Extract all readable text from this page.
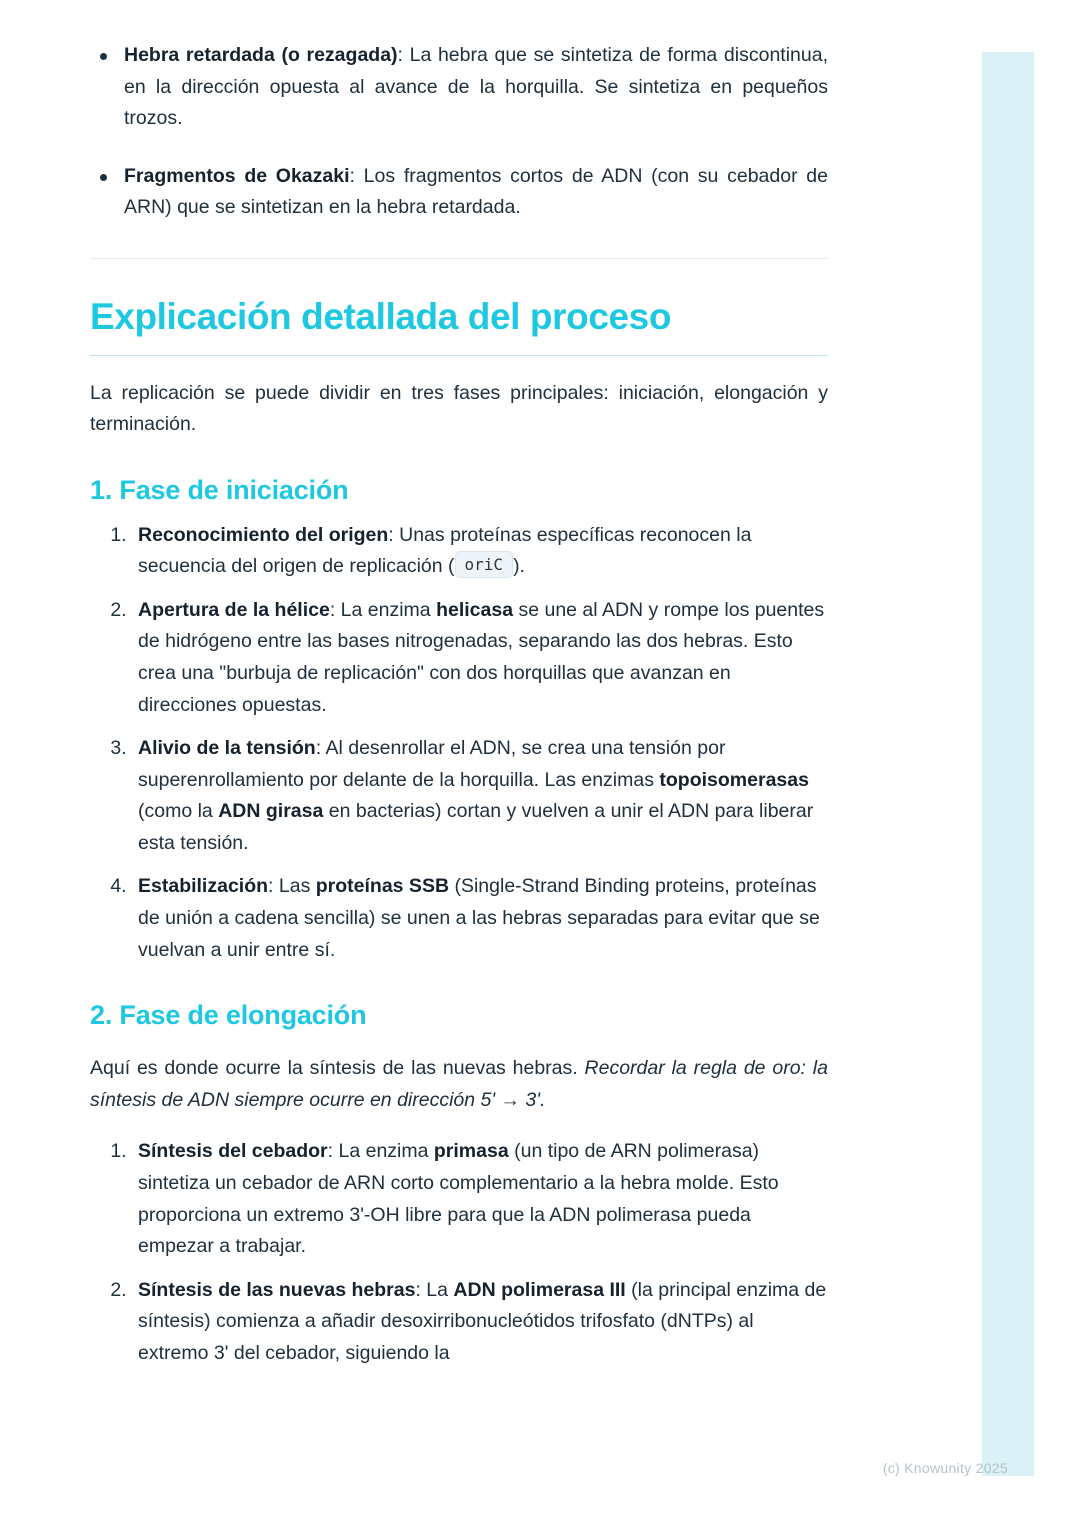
Hebra retardada (o rezagada): La hebra que se sintetiza de forma discontinua, en la dirección opuesta al avance de la horquilla. Se sintetiza en pequeños trozos.
Fragmentos de Okazaki: Los fragmentos cortos de ADN (con su cebador de ARN) que se sintetizan en la hebra retardada.
Explicación detallada del proceso

La replicación se puede dividir en tres fases principales: iniciación, elongación y terminación.

1. Fase de iniciación
1. Reconocimiento del origen: Unas proteínas específicas reconocen la secuencia del origen de replicación ( oriC ).
2. Apertura de la hélice: La enzima helicasa se une al ADN y rompe los puentes de hidrógeno entre las bases nitrogenadas, separando las dos hebras. Esto crea una "burbuja de replicación" con dos horquillas que avanzan en direcciones opuestas.
3. Alivio de la tensión: Al desenrollar el ADN, se crea una tensión por superenrollamiento por delante de la horquilla. Las enzimas topoisomerasas (como la ADN girasa en bacterias) cortan y vuelven a unir el ADN para liberar esta tensión.
4. Estabilización: Las proteínas SSB (Single-Strand Binding proteins, proteínas de unión a cadena sencilla) se unen a las hebras separadas para evitar que se vuelvan a unir entre sí.
2. Fase de elongación

Aquí es donde ocurre la síntesis de las nuevas hebras. Recordar la regla de oro: la síntesis de ADN siempre ocurre en dirección 5' → 3'.

1. Síntesis del cebador: La enzima primasa (un tipo de ARN polimerasa) sintetiza un cebador de ARN corto complementario a la hebra molde. Esto proporciona un extremo 3'-OH libre para que la ADN polimerasa pueda empezar a trabajar.
2. Síntesis de las nuevas hebras: La ADN polimerasa III (la principal enzima de síntesis) comienza a añadir desoxirribonucleótidos trifosfato (dNTPs) al extremo 3' del cebador, siguiendo la
(c) Knowunity 2025
